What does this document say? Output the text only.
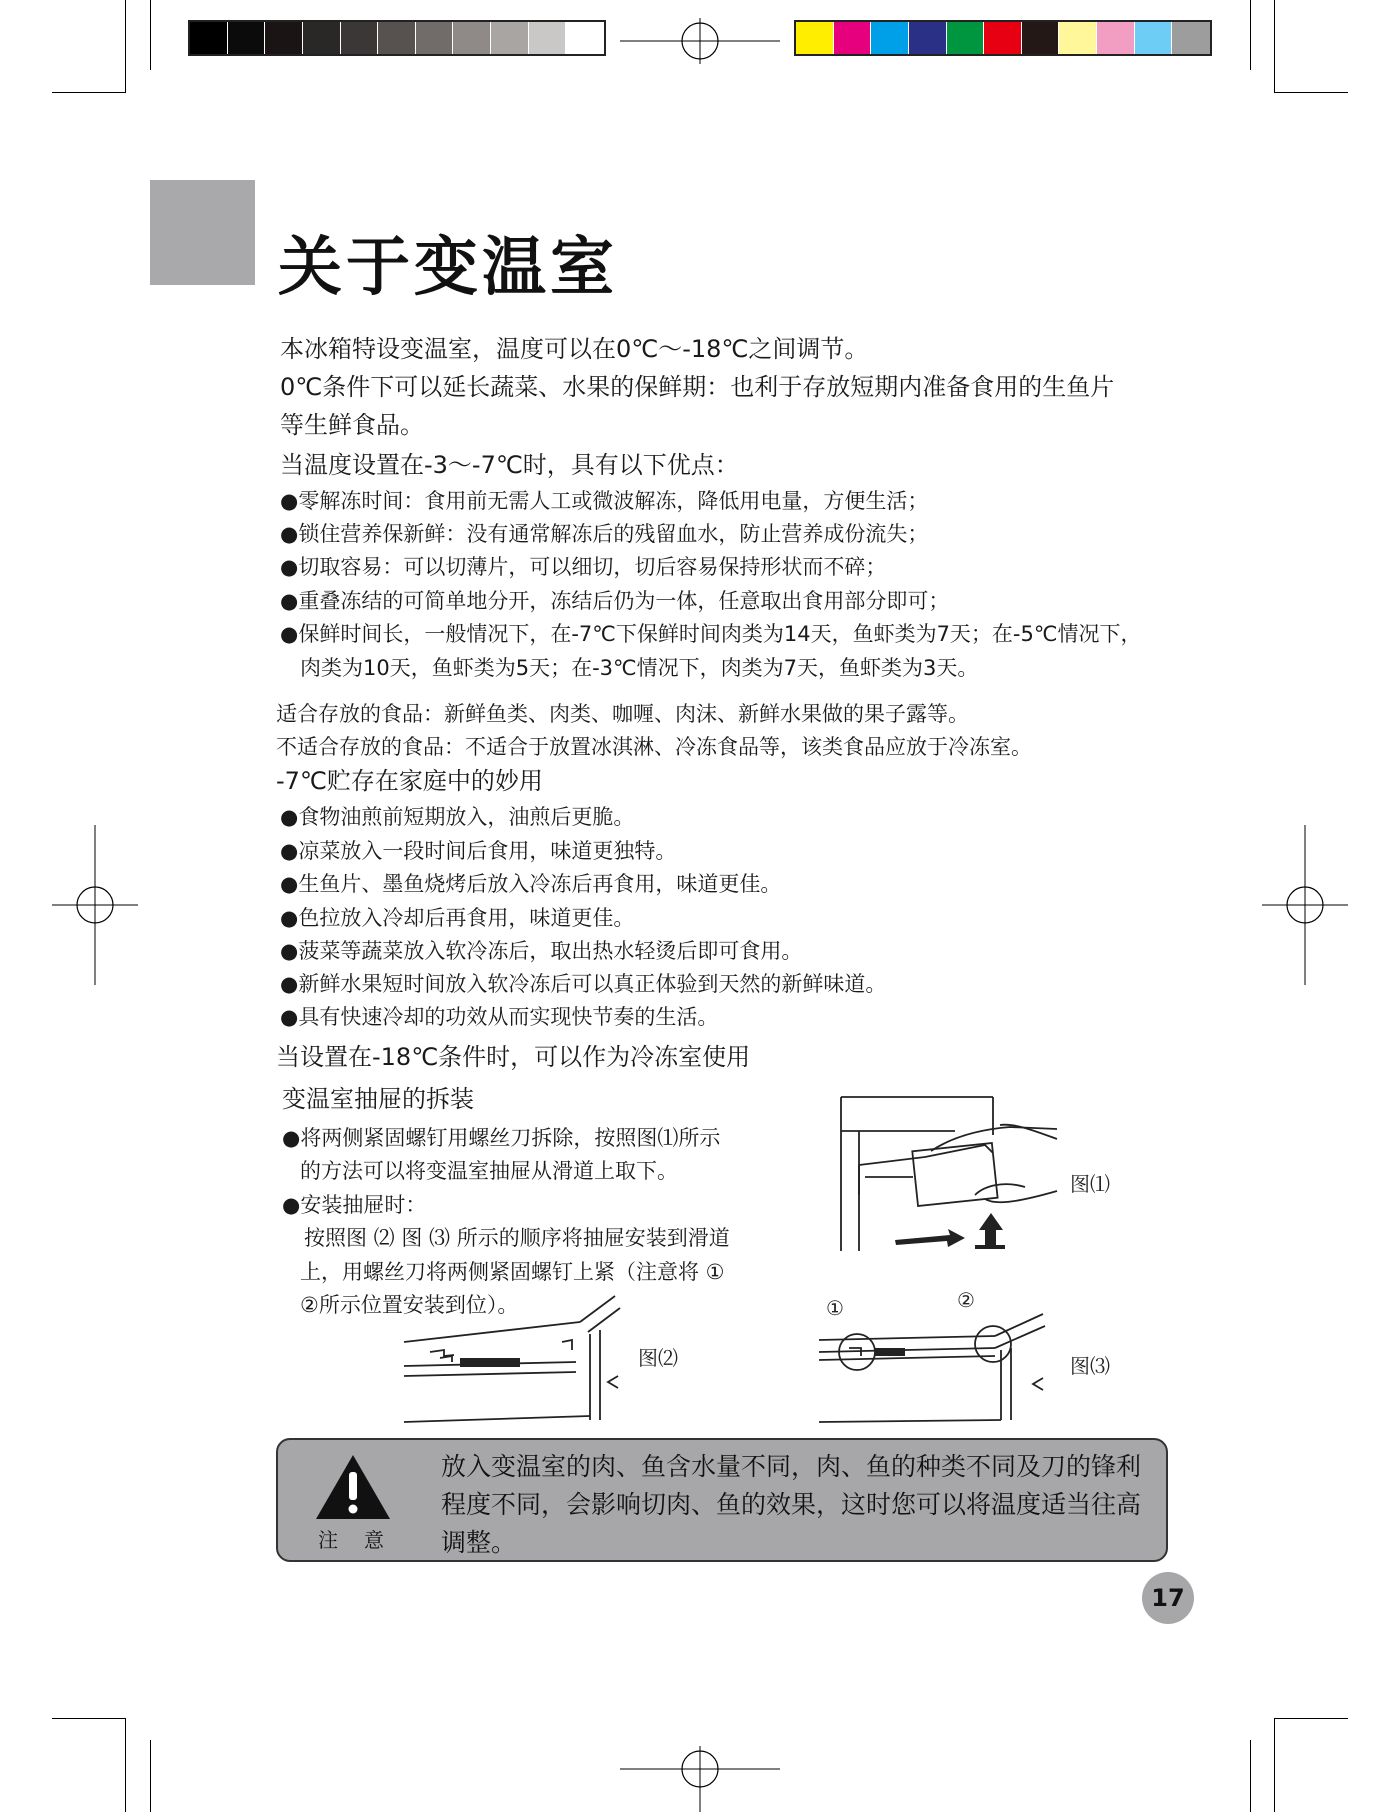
关于变温室

本冰箱特设变温室，温度可以在0℃～-18℃之间调节。

0℃条件下可以延长蔬菜、水果的保鲜期：也利于存放短期内准备食用的生鱼片

等生鲜食品。

当温度设置在-3～-7℃时，具有以下优点：

●零解冻时间：食用前无需人工或微波解冻，降低用电量，方便生活；

●锁住营养保新鲜：没有通常解冻后的残留血水，防止营养成份流失；

●切取容易：可以切薄片，可以细切，切后容易保持形状而不碎；

●重叠冻结的可简单地分开，冻结后仍为一体，任意取出食用部分即可；

●保鲜时间长，一般情况下，在-7℃下保鲜时间肉类为14天，鱼虾类为7天；在-5℃情况下，

肉类为10天，鱼虾类为5天；在-3℃情况下，肉类为7天，鱼虾类为3天。

适合存放的食品：新鲜鱼类、肉类、咖喱、肉沫、新鲜水果做的果子露等。

不适合存放的食品：不适合于放置冰淇淋、冷冻食品等，该类食品应放于冷冻室。

-7℃贮存在家庭中的妙用

●食物油煎前短期放入，油煎后更脆。

●凉菜放入一段时间后食用，味道更独特。

●生鱼片、墨鱼烧烤后放入冷冻后再食用，味道更佳。

●色拉放入冷却后再食用，味道更佳。

●菠菜等蔬菜放入软冷冻后，取出热水轻烫后即可食用。

●新鲜水果短时间放入软冷冻后可以真正体验到天然的新鲜味道。

●具有快速冷却的功效从而实现快节奏的生活。

当设置在-18℃条件时，可以作为冷冻室使用

变温室抽屉的拆装

●将两侧紧固螺钉用螺丝刀拆除，按照图⑴所示

的方法可以将变温室抽屉从滑道上取下。

●安装抽屉时：

按照图 ⑵ 图 ⑶ 所示的顺序将抽屉安装到滑道

上，用螺丝刀将两侧紧固螺钉上紧（注意将 ①

②所示位置安装到位）。

图⑴
图⑵
①	②
图⑶
注意

放入变温室的肉、鱼含水量不同，肉、鱼的种类不同及刀的锋利程度不同，会影响切肉、鱼的效果，这时您可以将温度适当往高调整。

17
